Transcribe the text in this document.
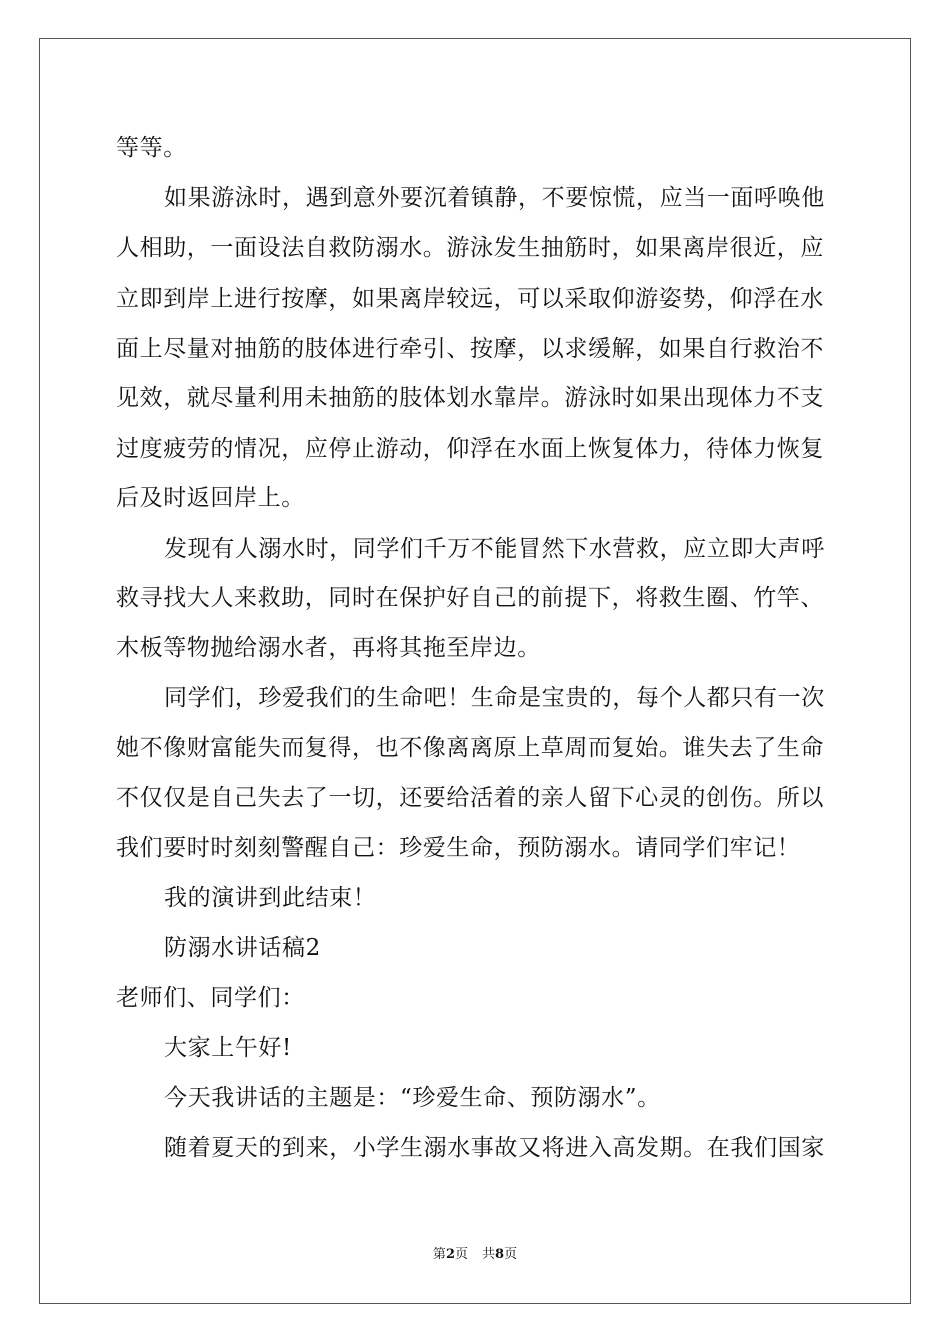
等等。
如果游泳时，遇到意外要沉着镇静，不要惊慌，应当一面呼唤他
人相助，一面设法自救防溺水。游泳发生抽筋时，如果离岸很近，应
立即到岸上进行按摩，如果离岸较远，可以采取仰游姿势，仰浮在水
面上尽量对抽筋的肢体进行牵引、按摩，以求缓解，如果自行救治不
见效，就尽量利用未抽筋的肢体划水靠岸。游泳时如果出现体力不支
过度疲劳的情况，应停止游动，仰浮在水面上恢复体力，待体力恢复
后及时返回岸上。
发现有人溺水时，同学们千万不能冒然下水营救，应立即大声呼
救寻找大人来救助，同时在保护好自己的前提下，将救生圈、竹竿、
木板等物抛给溺水者，再将其拖至岸边。
同学们，珍爱我们的生命吧！生命是宝贵的，每个人都只有一次
她不像财富能失而复得，也不像离离原上草周而复始。谁失去了生命
不仅仅是自己失去了一切，还要给活着的亲人留下心灵的创伤。所以
我们要时时刻刻警醒自己：珍爱生命，预防溺水。请同学们牢记！
我的演讲到此结束！
防溺水讲话稿2
老师们、同学们：
大家上午好!
今天我讲话的主题是：“珍爱生命、预防溺水”。
随着夏天的到来，小学生溺水事故又将进入高发期。在我们国家
第2页 共8页
